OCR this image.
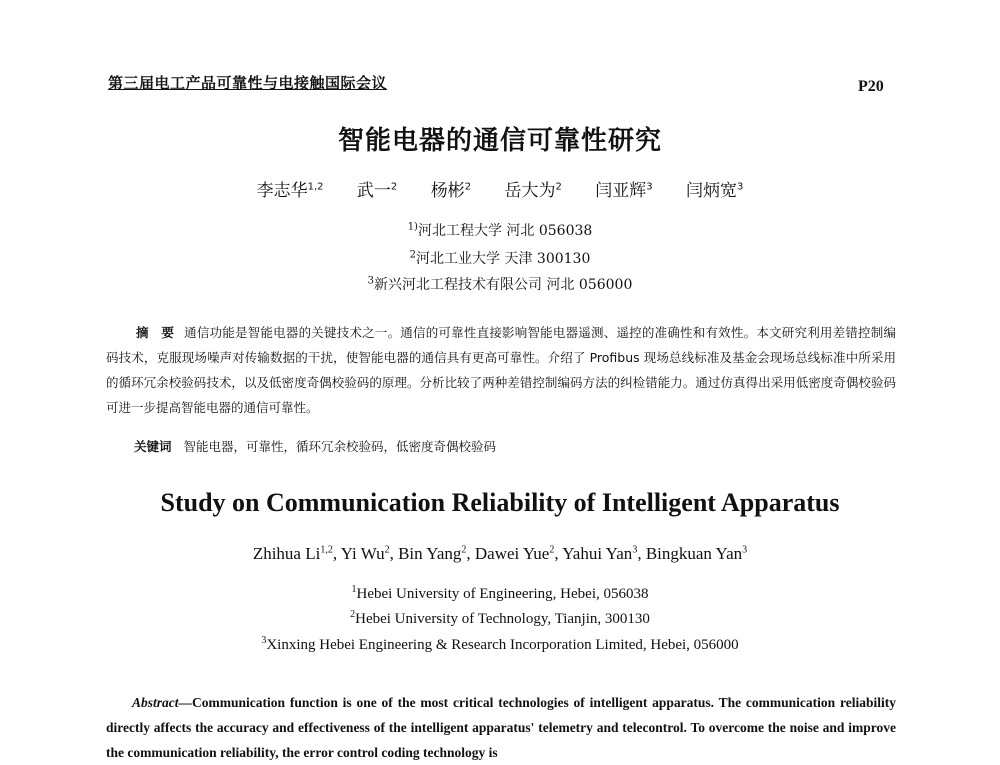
第三届电工产品可靠性与电接触国际会议	P20
智能电器的通信可靠性研究
李志华$^{1,2}$ 武一$^2$ 杨彬$^2$ 岳大为$^2$ 闫亚辉$^3$ 闫炳宽$^3$
$^{1)}$河北工程大学 河北 056038
$^2$河北工业大学 天津 300130
$^3$新兴河北工程技术有限公司 河北 056000
摘　要 通信功能是智能电器的关键技术之一。通信的可靠性直接影响智能电器遥测、遥控的准确性和有效性。本文研究利用差错控制编码技术，克服现场噪声对传输数据的干扰，使智能电器的通信具有更高可靠性。介绍了 Profibus 现场总线标准及基金会现场总线标准中所采用的循环冗余校验码技术，以及低密度奇偶校验码的原理。分析比较了两种差错控制编码方法的纠检错能力。通过仿真得出采用低密度奇偶校验码可进一步提高智能电器的通信可靠性。
关键词 智能电器，可靠性，循环冗余校验码，低密度奇偶校验码
Study on Communication Reliability of Intelligent Apparatus
Zhihua Li$^{1,2}$, Yi Wu$^2$, Bin Yang$^2$, Dawei Yue$^2$, Yahui Yan$^3$, Bingkuan Yan$^3$
$^1$Hebei University of Engineering, Hebei, 056038
$^2$Hebei University of Technology, Tianjin, 300130
$^3$Xinxing Hebei Engineering & Research Incorporation Limited, Hebei, 056000
Abstract—Communication function is one of the most critical technologies of intelligent apparatus. The communication reliability directly affects the accuracy and effectiveness of the intelligent apparatus' telemetry and telecontrol. To overcome the noise and improve the communication reliability, the error control coding technology is
